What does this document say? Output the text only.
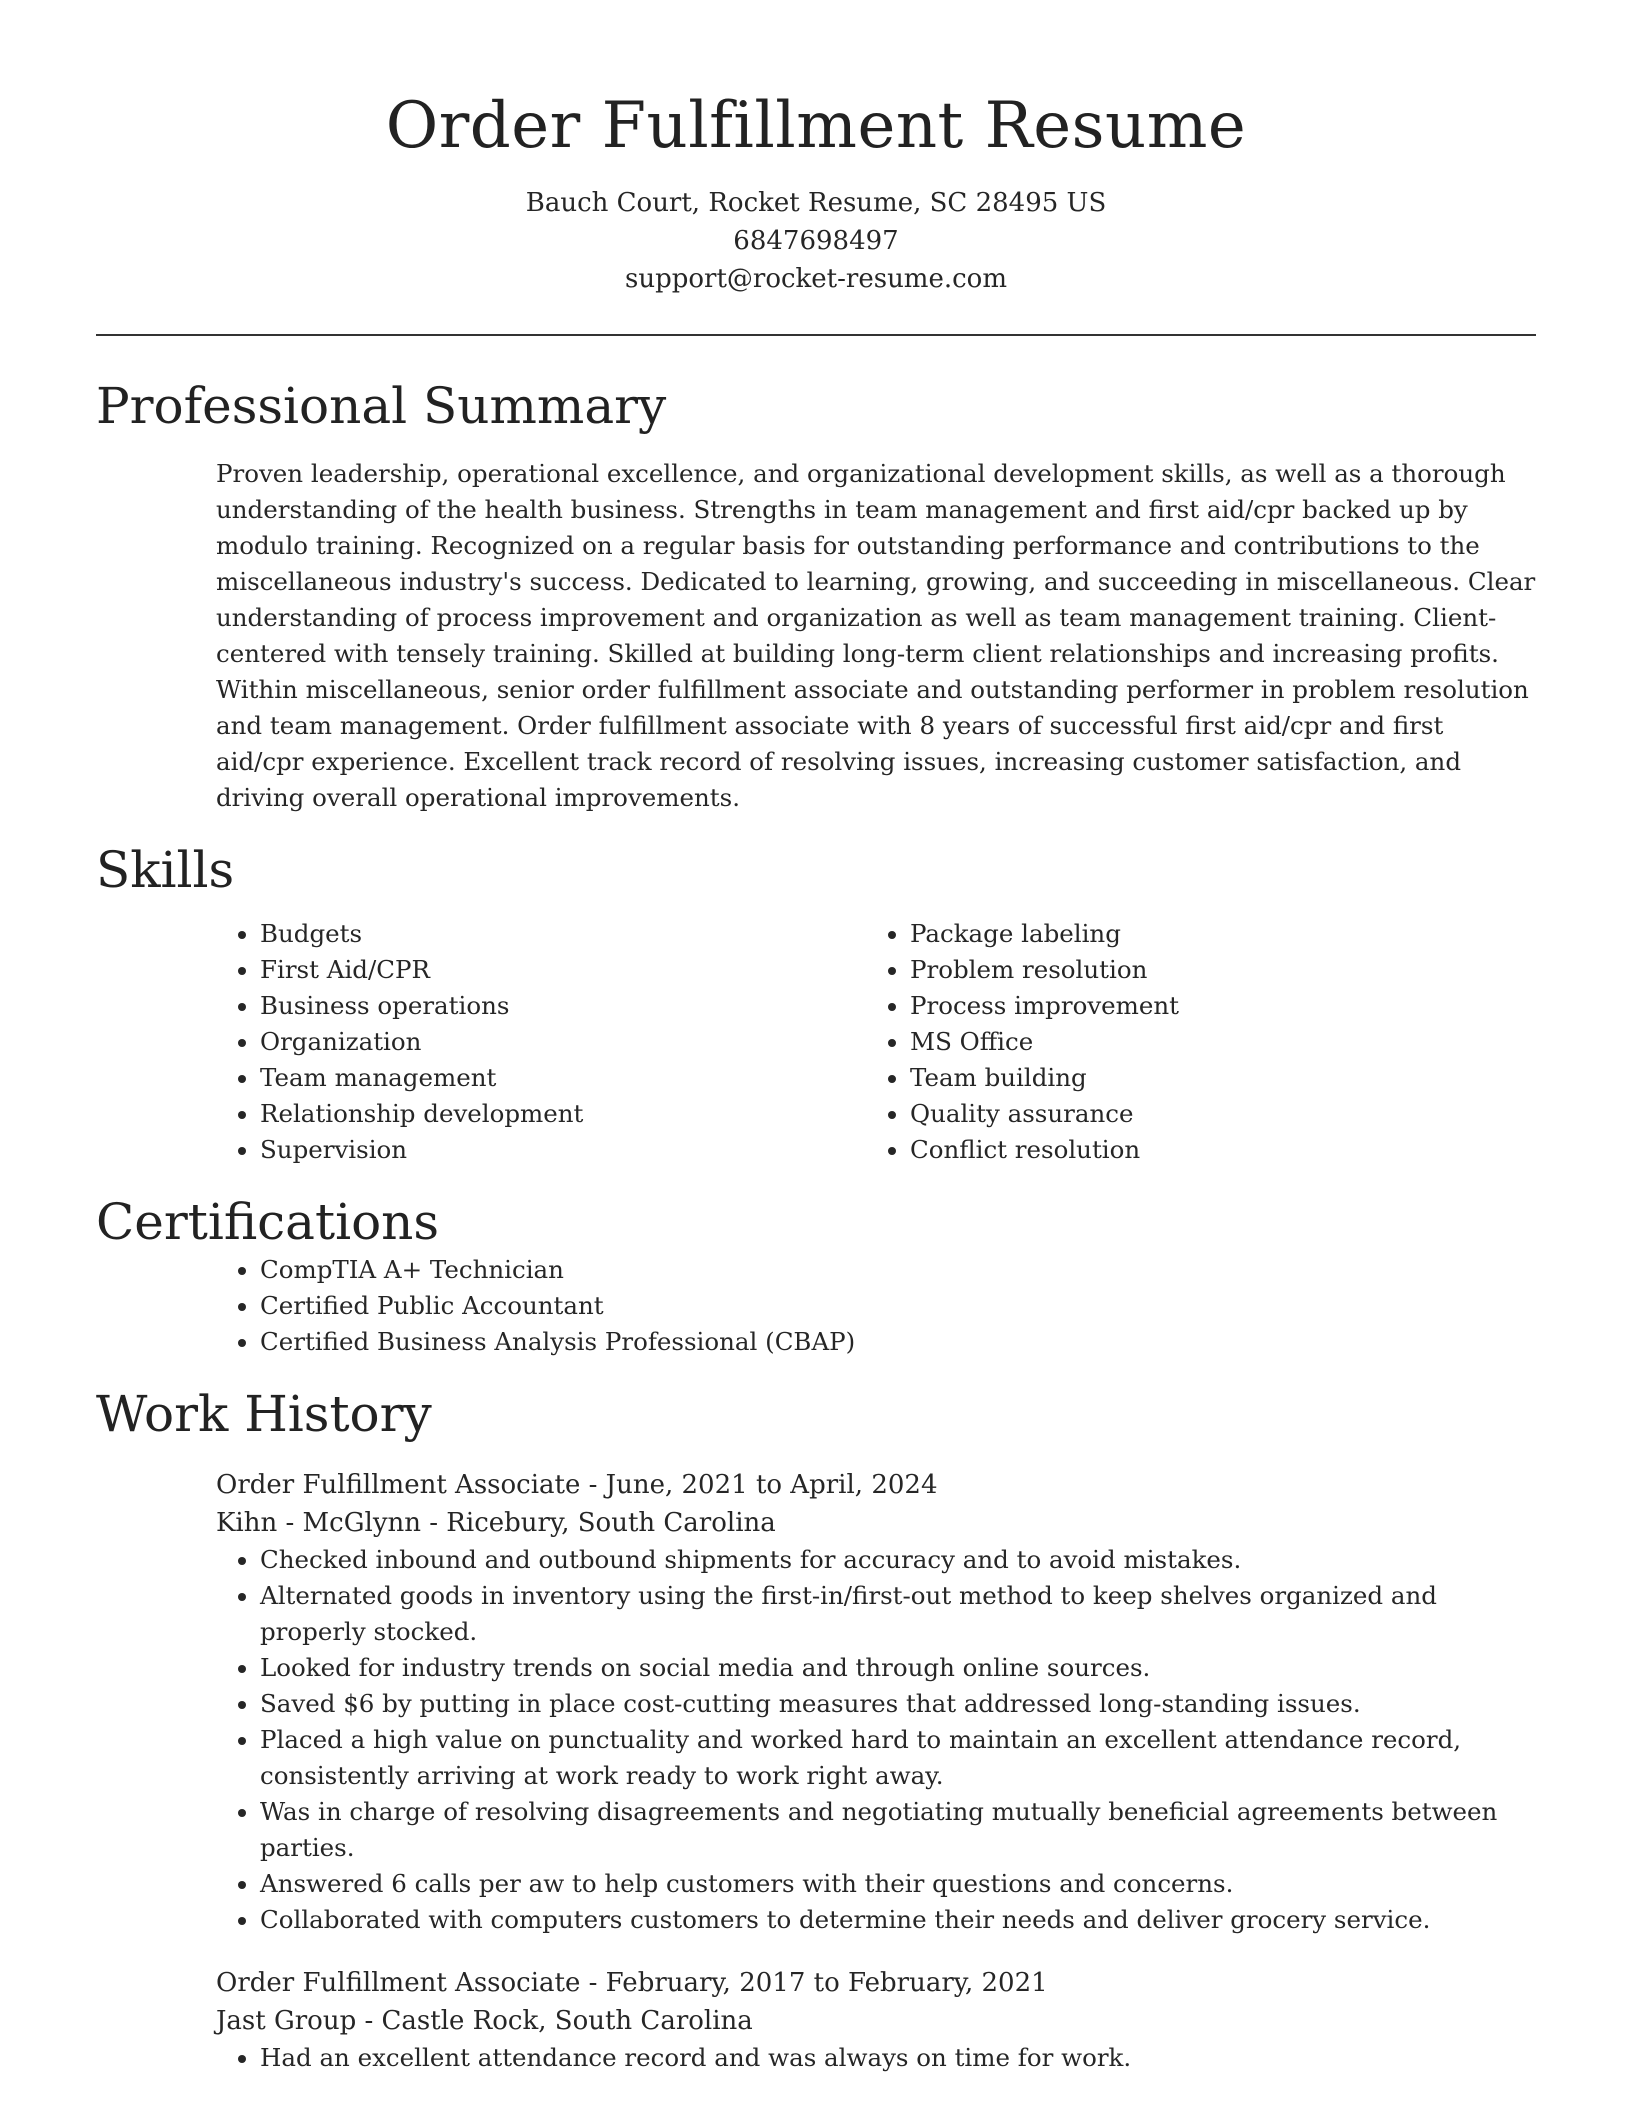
Order Fulfillment Resume
Bauch Court, Rocket Resume, SC 28495 US
6847698497
support@rocket-resume.com
Professional Summary

Proven leadership, operational excellence, and organizational development skills, as well as a thorough understanding of the health business. Strengths in team management and first aid/cpr backed up by modulo training. Recognized on a regular basis for outstanding performance and contributions to the miscellaneous industry's success. Dedicated to learning, growing, and succeeding in miscellaneous. Clear understanding of process improvement and organization as well as team management training. Client-centered with tensely training. Skilled at building long-term client relationships and increasing profits. Within miscellaneous, senior order fulfillment associate and outstanding performer in problem resolution and team management. Order fulfillment associate with 8 years of successful first aid/cpr and first aid/cpr experience. Excellent track record of resolving issues, increasing customer satisfaction, and driving overall operational improvements.

Skills
• Budgets
• First Aid/CPR
• Business operations
• Organization
• Team management
• Relationship development
• Supervision
• Package labeling
• Problem resolution
• Process improvement
• MS Office
• Team building
• Quality assurance
• Conflict resolution
Certifications
• CompTIA A+ Technician
• Certified Public Accountant
• Certified Business Analysis Professional (CBAP)
Work History
Order Fulfillment Associate - June, 2021 to April, 2024
Kihn - McGlynn - Ricebury, South Carolina
• Checked inbound and outbound shipments for accuracy and to avoid mistakes.
• Alternated goods in inventory using the first-in/first-out method to keep shelves organized and properly stocked.
• Looked for industry trends on social media and through online sources.
• Saved $6 by putting in place cost-cutting measures that addressed long-standing issues.
• Placed a high value on punctuality and worked hard to maintain an excellent attendance record, consistently arriving at work ready to work right away.
• Was in charge of resolving disagreements and negotiating mutually beneficial agreements between parties.
• Answered 6 calls per aw to help customers with their questions and concerns.
• Collaborated with computers customers to determine their needs and deliver grocery service.
Order Fulfillment Associate - February, 2017 to February, 2021
Jast Group - Castle Rock, South Carolina
• Had an excellent attendance record and was always on time for work.
